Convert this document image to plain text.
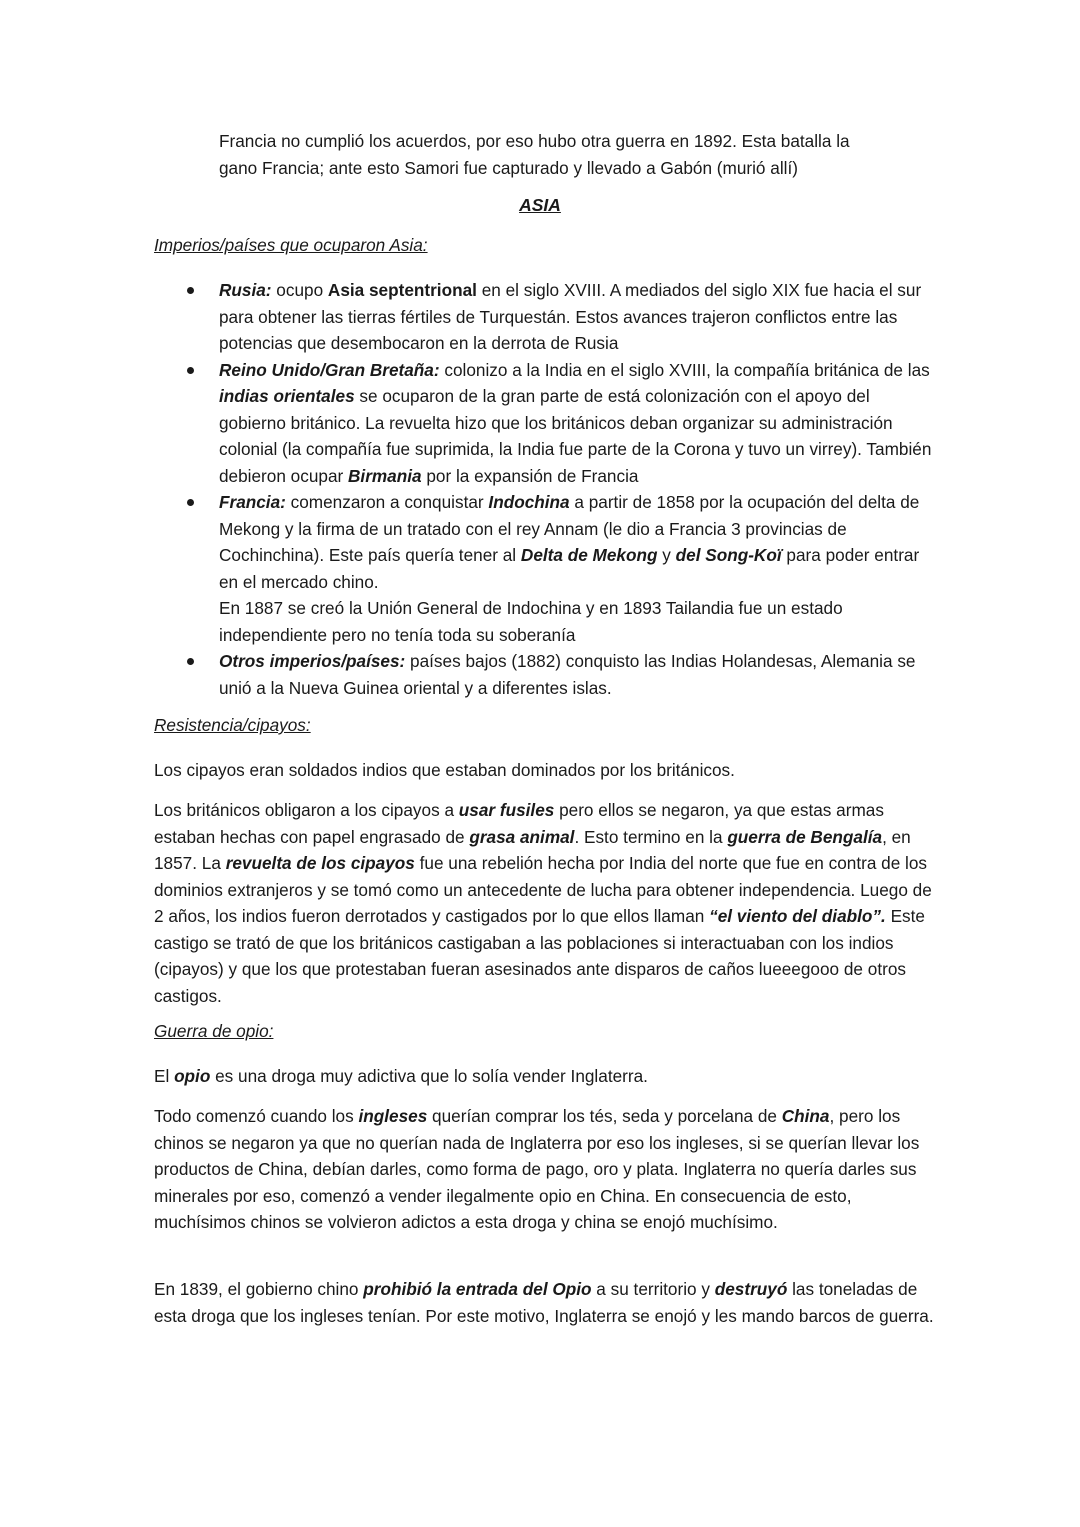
Francia no cumplió los acuerdos, por eso hubo otra guerra en 1892. Esta batalla la
gano Francia; ante esto Samori fue capturado y llevado a Gabón (murió allí)
ASIA
Imperios/países que ocuparon Asia:
Rusia: ocupo Asia septentrional en el siglo XVIII. A mediados del siglo XIX fue hacia el sur para obtener las tierras fértiles de Turquestán. Estos avances trajeron conflictos entre las potencias que desembocaron en la derrota de Rusia
Reino Unido/Gran Bretaña: colonizo a la India en el siglo XVIII, la compañía británica de las indias orientales se ocuparon de la gran parte de está colonización con el apoyo del gobierno británico. La revuelta hizo que los británicos deban organizar su administración colonial (la compañía fue suprimida, la India fue parte de la Corona y tuvo un virrey). También debieron ocupar Birmania por la expansión de Francia
Francia: comenzaron a conquistar Indochina a partir de 1858 por la ocupación del delta de Mekong y la firma de un tratado con el rey Annam (le dio a Francia 3 provincias de Cochinchina). Este país quería tener al Delta de Mekong y del Song-Koï para poder entrar en el mercado chino.
En 1887 se creó la Unión General de Indochina y en 1893 Tailandia fue un estado independiente pero no tenía toda su soberanía
Otros imperios/países: países bajos (1882) conquisto las Indias Holandesas, Alemania se unió a la Nueva Guinea oriental y a diferentes islas.
Resistencia/cipayos:

Los cipayos eran soldados indios que estaban dominados por los británicos.

Los británicos obligaron a los cipayos a usar fusiles pero ellos se negaron, ya que estas armas estaban hechas con papel engrasado de grasa animal. Esto termino en la guerra de Bengalía, en 1857. La revuelta de los cipayos fue una rebelión hecha por India del norte que fue en contra de los dominios extranjeros y se tomó como un antecedente de lucha para obtener independencia. Luego de 2 años, los indios fueron derrotados y castigados por lo que ellos llaman “el viento del diablo”. Este castigo se trató de que los británicos castigaban a las poblaciones si interactuaban con los indios (cipayos) y que los que protestaban fueran asesinados ante disparos de caños lueeegooo de otros castigos.

Guerra de opio:

El opio es una droga muy adictiva que lo solía vender Inglaterra.

Todo comenzó cuando los ingleses querían comprar los tés, seda y porcelana de China, pero los chinos se negaron ya que no querían nada de Inglaterra por eso los ingleses, si se querían llevar los productos de China, debían darles, como forma de pago, oro y plata. Inglaterra no quería darles sus minerales por eso, comenzó a vender ilegalmente opio en China. En consecuencia de esto, muchísimos chinos se volvieron adictos a esta droga y china se enojó muchísimo.

En 1839, el gobierno chino prohibió la entrada del Opio a su territorio y destruyó las toneladas de esta droga que los ingleses tenían. Por este motivo, Inglaterra se enojó y les mando barcos de guerra.
